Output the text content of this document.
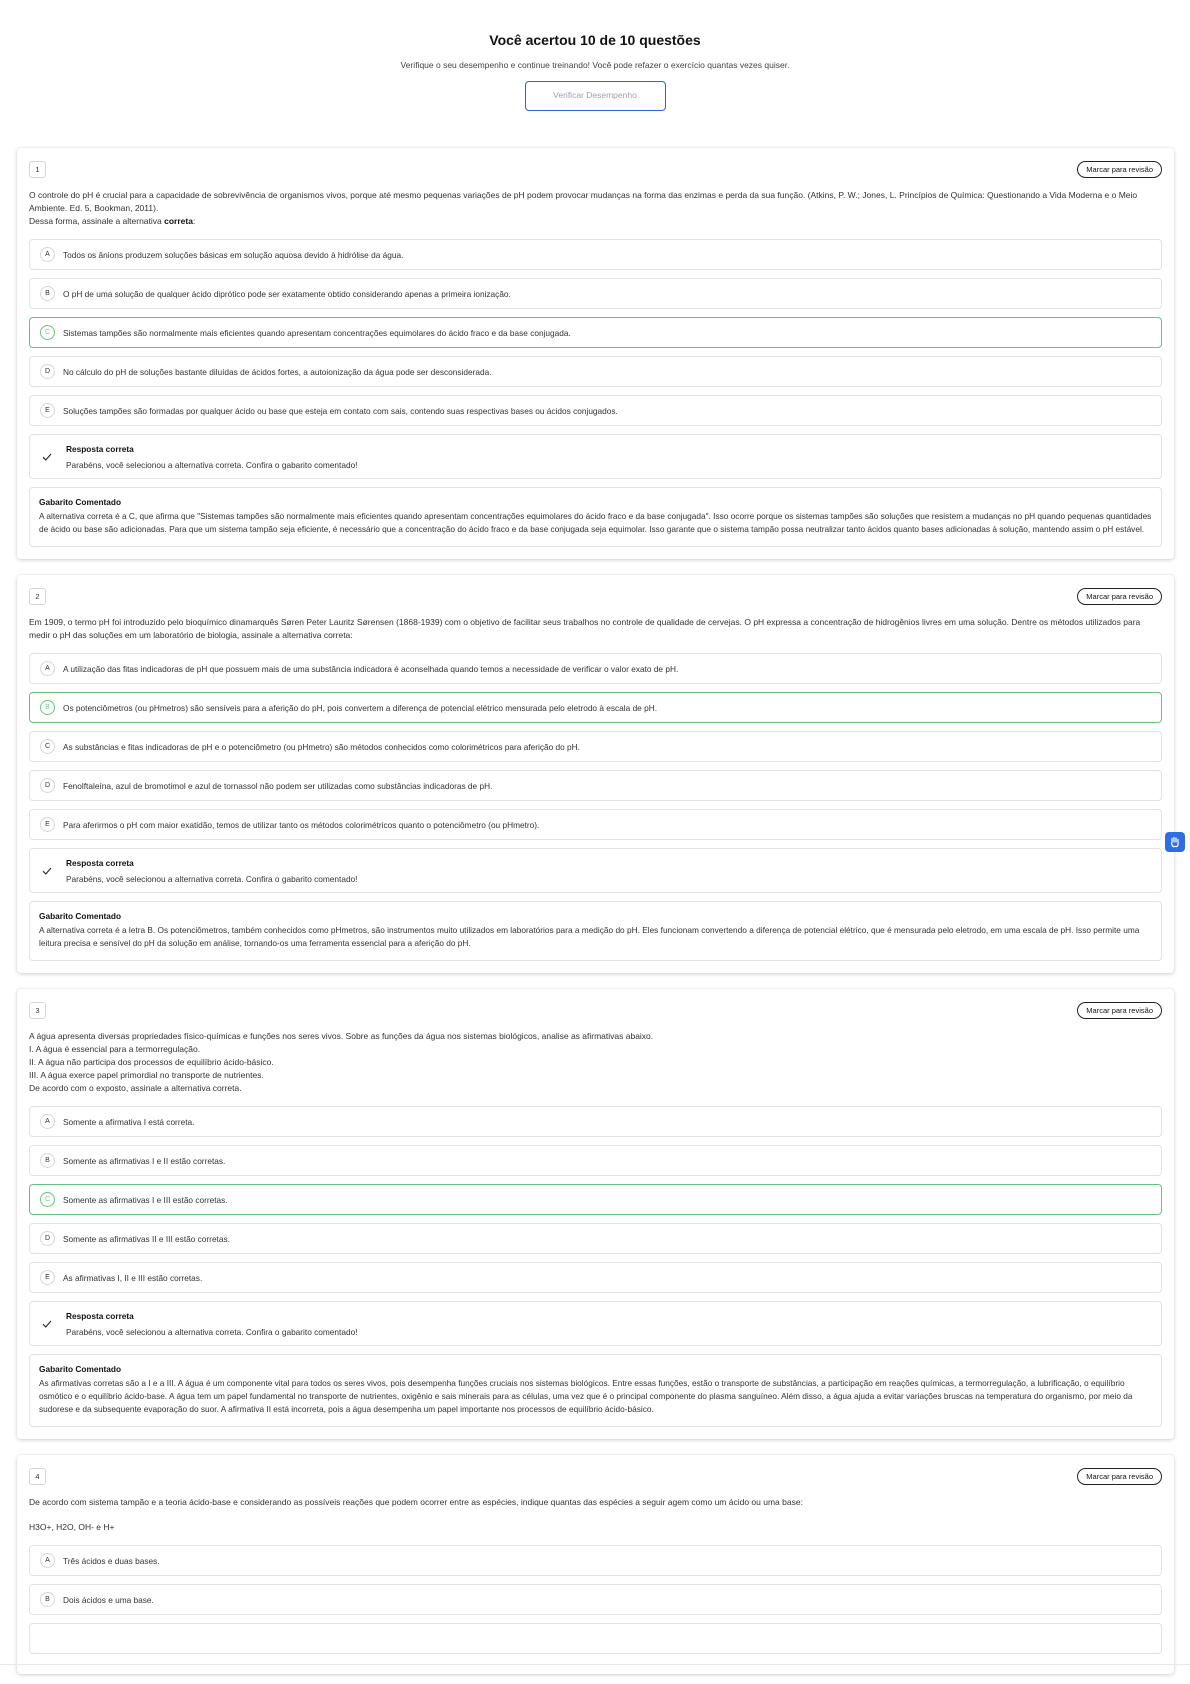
Você acertou 10 de 10 questões

Verifique o seu desempenho e continue treinando! Você pode refazer o exercício quantas vezes quiser.

Verificar Desempenho
1	Marcar para revisão
O controle do pH é crucial para a capacidade de sobrevivência de organismos vivos, porque até mesmo pequenas variações de pH podem provocar mudanças na forma das enzimas e perda da sua função. (Atkins, P. W.; Jones, L. Princípios de Química: Questionando a Vida Moderna e o Meio Ambiente. Ed. 5, Bookman, 2011).
Dessa forma, assinale a alternativa correta:
A	Todos os ânions produzem soluções básicas em solução aquosa devido à hidrólise da água.
B	O pH de uma solução de qualquer ácido diprótico pode ser exatamente obtido considerando apenas a primeira ionização.
C	Sistemas tampões são normalmente mais eficientes quando apresentam concentrações equimolares do ácido fraco e da base conjugada.
D	No cálculo do pH de soluções bastante diluídas de ácidos fortes, a autoionização da água pode ser desconsiderada.
E	Soluções tampões são formadas por qualquer ácido ou base que esteja em contato com sais, contendo suas respectivas bases ou ácidos conjugados.
Resposta correta
Parabéns, você selecionou a alternativa correta. Confira o gabarito comentado!
Gabarito Comentado
A alternativa correta é a C, que afirma que "Sistemas tampões são normalmente mais eficientes quando apresentam concentrações equimolares do ácido fraco e da base conjugada". Isso ocorre porque os sistemas tampões são soluções que resistem a mudanças no pH quando pequenas quantidades de ácido ou base são adicionadas. Para que um sistema tampão seja eficiente, é necessário que a concentração do ácido fraco e da base conjugada seja equimolar. Isso garante que o sistema tampão possa neutralizar tanto ácidos quanto bases adicionadas à solução, mantendo assim o pH estável.
2	Marcar para revisão
Em 1909, o termo pH foi introduzido pelo bioquímico dinamarquês Søren Peter Lauritz Sørensen (1868-1939) com o objetivo de facilitar seus trabalhos no controle de qualidade de cervejas. O pH expressa a concentração de hidrogênios livres em uma solução. Dentre os métodos utilizados para medir o pH das soluções em um laboratório de biologia, assinale a alternativa correta:
A	A utilização das fitas indicadoras de pH que possuem mais de uma substância indicadora é aconselhada quando temos a necessidade de verificar o valor exato de pH.
B	Os potenciômetros (ou pHmetros) são sensíveis para a aferição do pH, pois convertem a diferença de potencial elétrico mensurada pelo eletrodo à escala de pH.
C	As substâncias e fitas indicadoras de pH e o potenciômetro (ou pHmetro) são métodos conhecidos como colorimétricos para aferição do pH.
D	Fenolftaleína, azul de bromotimol e azul de tornassol não podem ser utilizadas como substâncias indicadoras de pH.
E	Para aferirmos o pH com maior exatidão, temos de utilizar tanto os métodos colorimétricos quanto o potenciômetro (ou pHmetro).
Resposta correta
Parabéns, você selecionou a alternativa correta. Confira o gabarito comentado!
Gabarito Comentado
A alternativa correta é a letra B. Os potenciômetros, também conhecidos como pHmetros, são instrumentos muito utilizados em laboratórios para a medição do pH. Eles funcionam convertendo a diferença de potencial elétrico, que é mensurada pelo eletrodo, em uma escala de pH. Isso permite uma leitura precisa e sensível do pH da solução em análise, tornando-os uma ferramenta essencial para a aferição do pH.
3	Marcar para revisão
A água apresenta diversas propriedades físico-químicas e funções nos seres vivos. Sobre as funções da água nos sistemas biológicos, analise as afirmativas abaixo.
I. A água é essencial para a termorregulação.
II. A água não participa dos processos de equilíbrio ácido-básico.
III. A água exerce papel primordial no transporte de nutrientes.
De acordo com o exposto, assinale a alternativa correta.
A	Somente a afirmativa I está correta.
B	Somente as afirmativas I e II estão corretas.
C	Somente as afirmativas I e III estão corretas.
D	Somente as afirmativas II e III estão corretas.
E	As afirmativas I, II e III estão corretas.
Resposta correta
Parabéns, você selecionou a alternativa correta. Confira o gabarito comentado!
Gabarito Comentado
As afirmativas corretas são a I e a III. A água é um componente vital para todos os seres vivos, pois desempenha funções cruciais nos sistemas biológicos. Entre essas funções, estão o transporte de substâncias, a participação em reações químicas, a termorregulação, a lubrificação, o equilíbrio osmótico e o equilíbrio ácido-base. A água tem um papel fundamental no transporte de nutrientes, oxigênio e sais minerais para as células, uma vez que é o principal componente do plasma sanguíneo. Além disso, a água ajuda a evitar variações bruscas na temperatura do organismo, por meio da sudorese e da subsequente evaporação do suor. A afirmativa II está incorreta, pois a água desempenha um papel importante nos processos de equilíbrio ácido-básico.
4	Marcar para revisão
De acordo com sistema tampão e a teoria ácido-base e considerando as possíveis reações que podem ocorrer entre as espécies, indique quantas das espécies a seguir agem como um ácido ou uma base:
H3O+, H2O, OH- e H+
A	Três ácidos e duas bases.
B	Dois ácidos e uma base.
